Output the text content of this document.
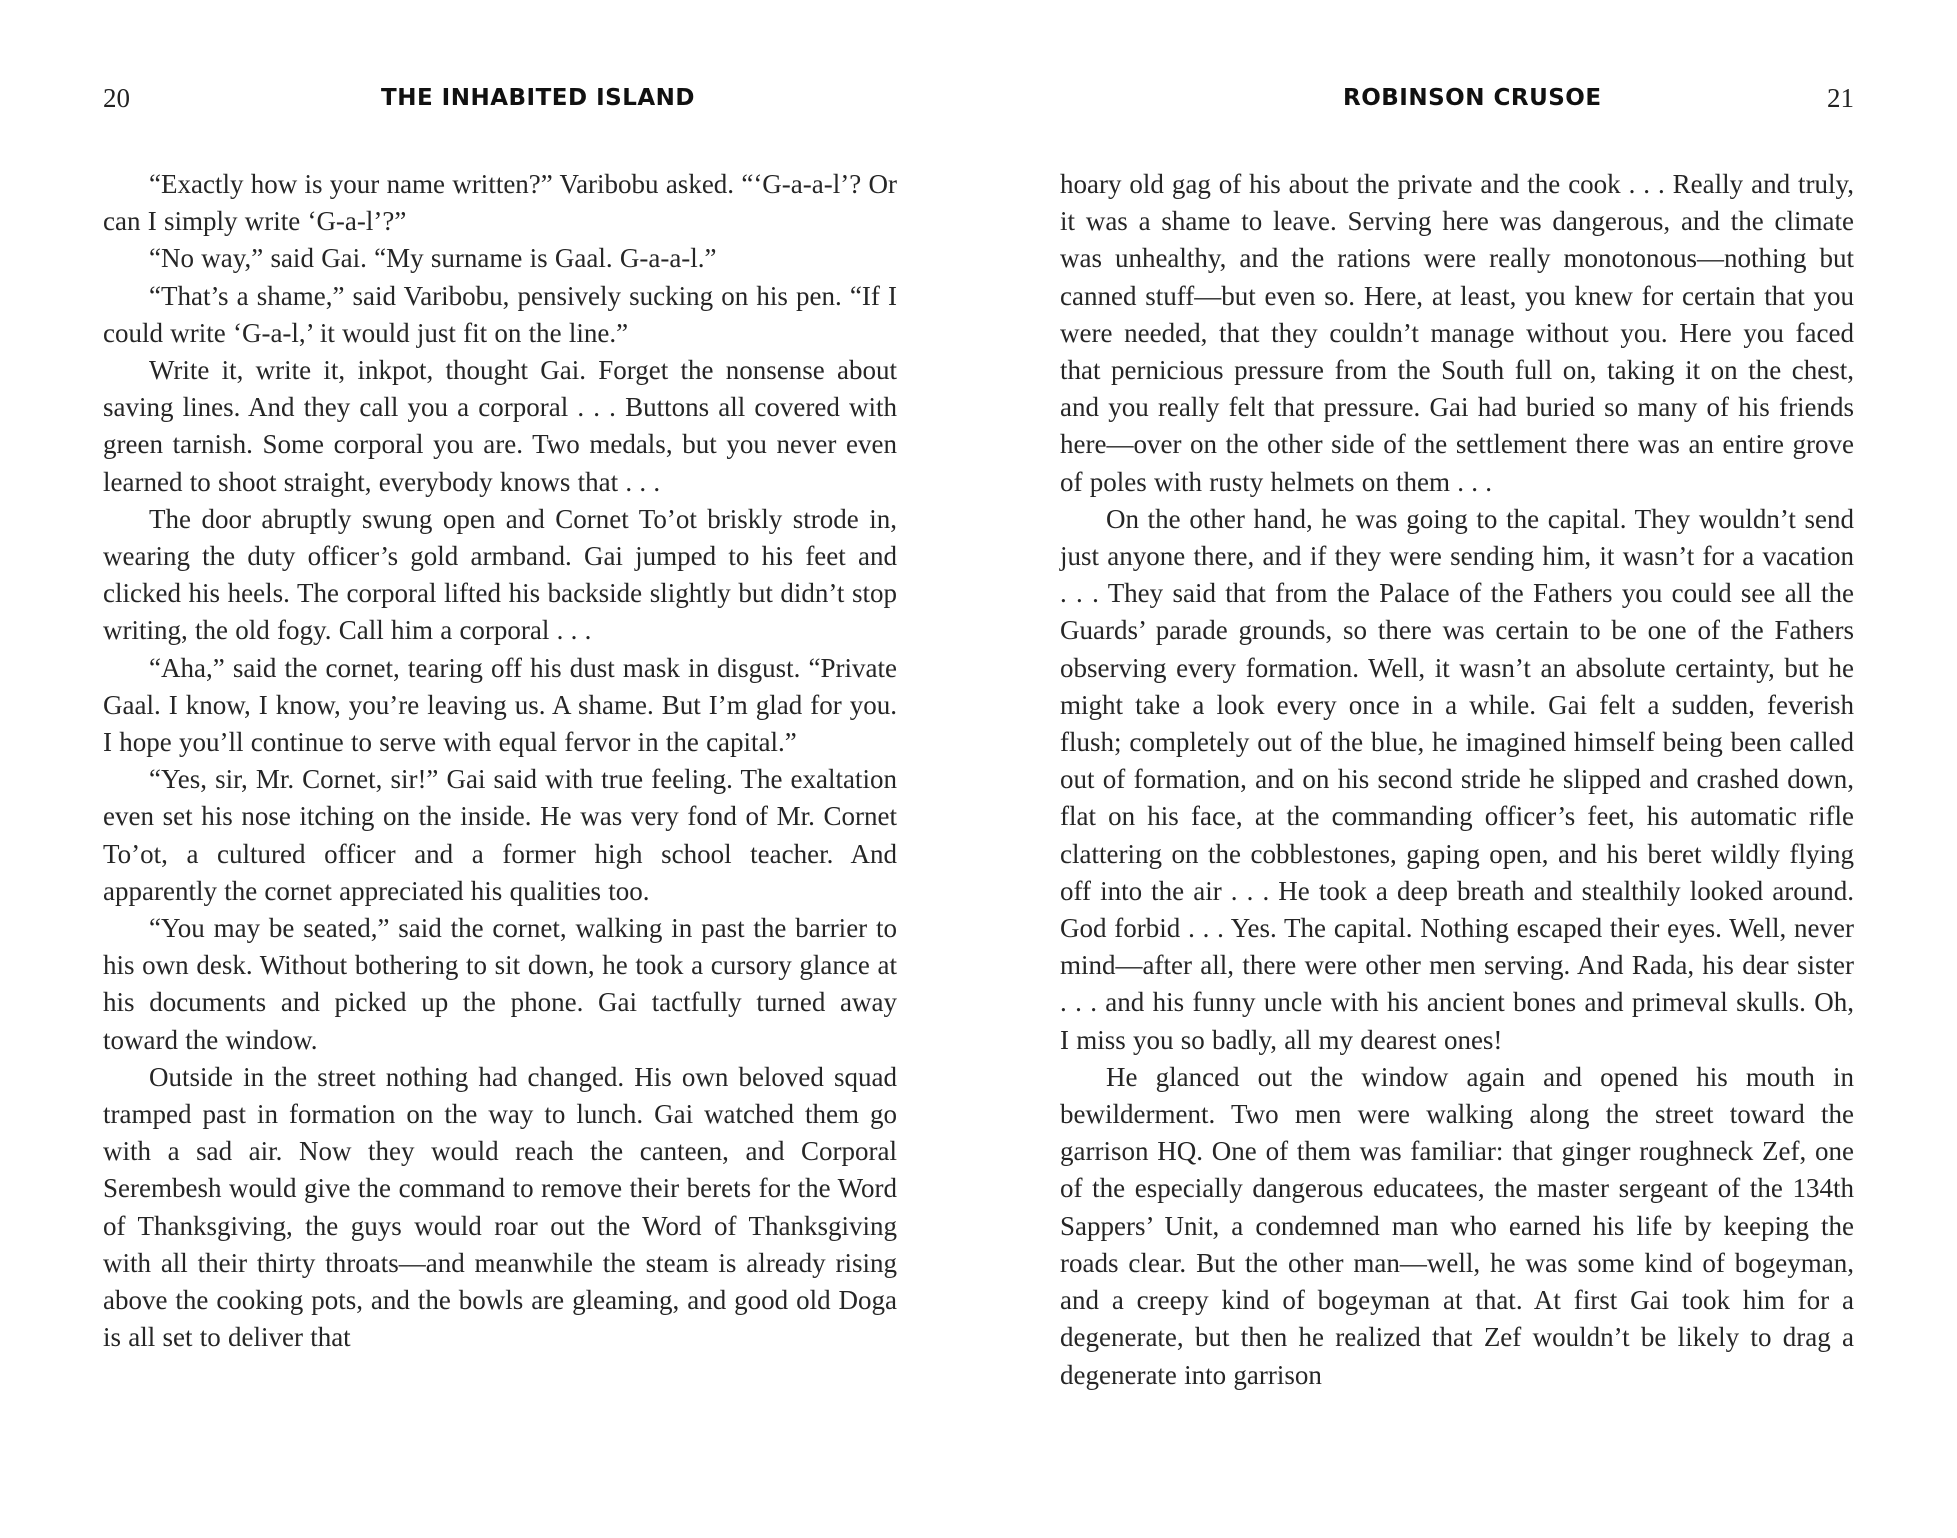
20	THE INHABITED ISLAND

“Exactly how is your name written?” Varibobu asked. “‘G-a-a-l’? Or can I simply write ‘G-a-l’?”

“No way,” said Gai. “My surname is Gaal. G-a-a-l.”

“That’s a shame,” said Varibobu, pensively sucking on his pen. “If I could write ‘G-a-l,’ it would just fit on the line.”

Write it, write it, inkpot, thought Gai. Forget the nonsense about saving lines. And they call you a corporal . . . Buttons all covered with green tarnish. Some corporal you are. Two medals, but you never even learned to shoot straight, everybody knows that . . .

The door abruptly swung open and Cornet To’ot briskly strode in, wearing the duty officer’s gold armband. Gai jumped to his feet and clicked his heels. The corporal lifted his backside slightly but didn’t stop writing, the old fogy. Call him a corporal . . .

“Aha,” said the cornet, tearing off his dust mask in disgust. “Private Gaal. I know, I know, you’re leaving us. A shame. But I’m glad for you. I hope you’ll continue to serve with equal fervor in the capital.”

“Yes, sir, Mr. Cornet, sir!” Gai said with true feeling. The exaltation even set his nose itching on the inside. He was very fond of Mr. Cornet To’ot, a cultured officer and a former high school teacher. And apparently the cornet appreciated his qualities too.

“You may be seated,” said the cornet, walking in past the barrier to his own desk. Without bothering to sit down, he took a cursory glance at his documents and picked up the phone. Gai tactfully turned away toward the window.

Outside in the street nothing had changed. His own beloved squad tramped past in formation on the way to lunch. Gai watched them go with a sad air. Now they would reach the canteen, and Corporal Serembesh would give the command to remove their berets for the Word of Thanksgiving, the guys would roar out the Word of Thanksgiving with all their thirty throats—and meanwhile the steam is already rising above the cooking pots, and the bowls are gleaming, and good old Doga is all set to deliver that

ROBINSON CRUSOE	21

hoary old gag of his about the private and the cook . . . Really and truly, it was a shame to leave. Serving here was dangerous, and the climate was unhealthy, and the rations were really monotonous—nothing but canned stuff—but even so. Here, at least, you knew for certain that you were needed, that they couldn’t manage without you. Here you faced that pernicious pressure from the South full on, taking it on the chest, and you really felt that pressure. Gai had buried so many of his friends here—over on the other side of the settlement there was an entire grove of poles with rusty helmets on them . . .

On the other hand, he was going to the capital. They wouldn’t send just anyone there, and if they were sending him, it wasn’t for a vacation . . . They said that from the Palace of the Fathers you could see all the Guards’ parade grounds, so there was certain to be one of the Fathers observing every formation. Well, it wasn’t an absolute certainty, but he might take a look every once in a while. Gai felt a sudden, feverish flush; completely out of the blue, he imagined himself being been called out of formation, and on his second stride he slipped and crashed down, flat on his face, at the commanding officer’s feet, his automatic rifle clattering on the cobblestones, gaping open, and his beret wildly flying off into the air . . . He took a deep breath and stealthily looked around. God forbid . . . Yes. The capital. Nothing escaped their eyes. Well, never mind—after all, there were other men serving. And Rada, his dear sister . . . and his funny uncle with his ancient bones and primeval skulls. Oh, I miss you so badly, all my dearest ones!

He glanced out the window again and opened his mouth in bewilderment. Two men were walking along the street toward the garrison HQ. One of them was familiar: that ginger roughneck Zef, one of the especially dangerous educatees, the master sergeant of the 134th Sappers’ Unit, a condemned man who earned his life by keeping the roads clear. But the other man—well, he was some kind of bogeyman, and a creepy kind of bogeyman at that. At first Gai took him for a degenerate, but then he realized that Zef wouldn’t be likely to drag a degenerate into garrison
